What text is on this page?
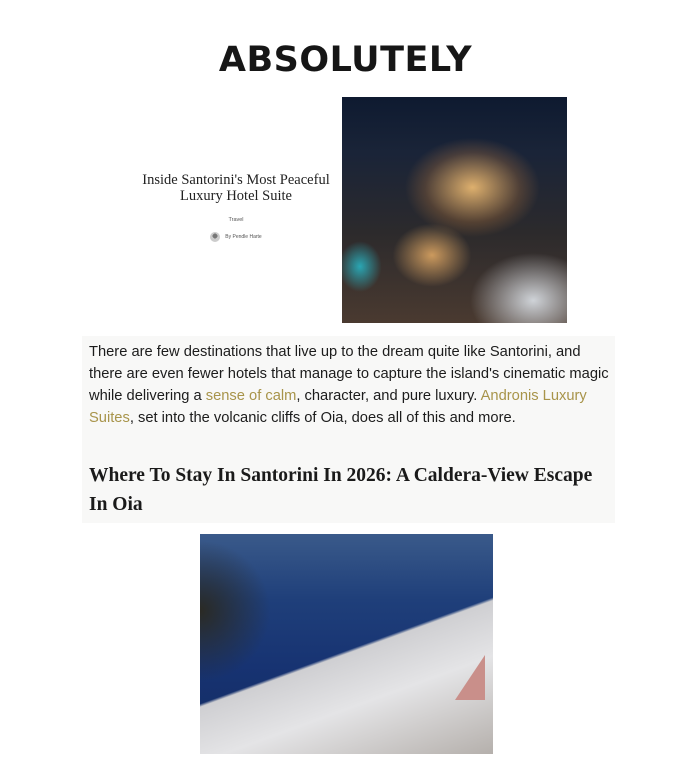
ABSOLUTELY
Inside Santorini's Most Peaceful Luxury Hotel Suite
Travel
By Pendle Harte

There are few destinations that live up to the dream quite like Santorini, and there are even fewer hotels that manage to capture the island's cinematic magic while delivering a sense of calm, character, and pure luxury. Andronis Luxury Suites, set into the volcanic cliffs of Oia, does all of this and more.

Where To Stay In Santorini In 2026: A Caldera-View Escape In Oia
